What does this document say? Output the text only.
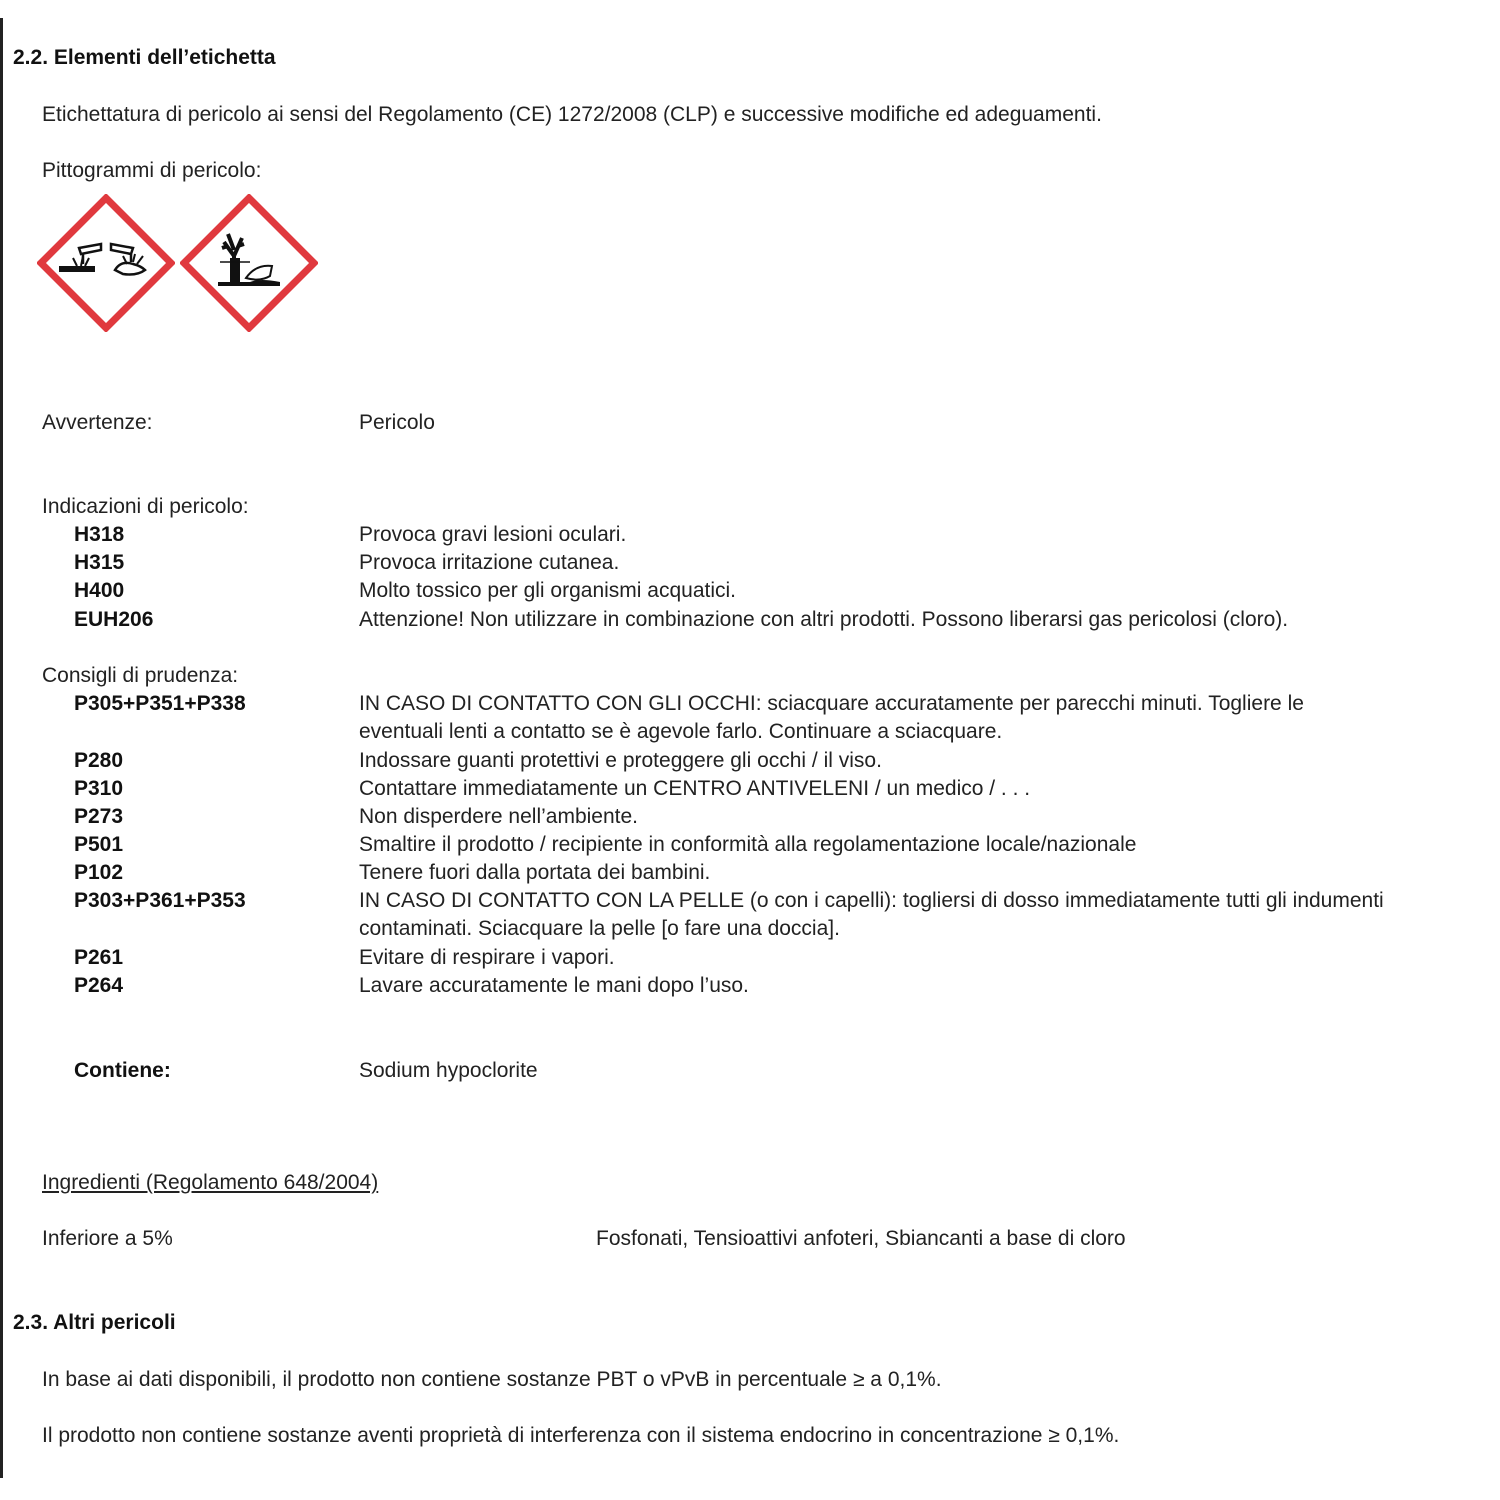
2.2. Elementi dell’etichetta
Etichettatura di pericolo ai sensi del Regolamento (CE) 1272/2008 (CLP) e successive modifiche ed adeguamenti.
Pittogrammi di pericolo:
Avvertenze:	Pericolo
Indicazioni di pericolo:
H318	Provoca gravi lesioni oculari.
H315	Provoca irritazione cutanea.
H400	Molto tossico per gli organismi acquatici.
EUH206	Attenzione! Non utilizzare in combinazione con altri prodotti. Possono liberarsi gas pericolosi (cloro).
Consigli di prudenza:
P305+P351+P338	IN CASO DI CONTATTO CON GLI OCCHI: sciacquare accuratamente per parecchi minuti. Togliere le
eventuali lenti a contatto se è agevole farlo. Continuare a sciacquare.
P280	Indossare guanti protettivi e proteggere gli occhi / il viso.
P310	Contattare immediatamente un CENTRO ANTIVELENI / un medico / . . .
P273	Non disperdere nell’ambiente.
P501	Smaltire il prodotto / recipiente in conformità alla regolamentazione locale/nazionale
P102	Tenere fuori dalla portata dei bambini.
P303+P361+P353	IN CASO DI CONTATTO CON LA PELLE (o con i capelli): togliersi di dosso immediatamente tutti gli indumenti
contaminati. Sciacquare la pelle [o fare una doccia].
P261	Evitare di respirare i vapori.
P264	Lavare accuratamente le mani dopo l’uso.
Contiene:	Sodium hypoclorite
Ingredienti (Regolamento 648/2004)
Inferiore a 5%	Fosfonati, Tensioattivi anfoteri, Sbiancanti a base di cloro
2.3. Altri pericoli
In base ai dati disponibili, il prodotto non contiene sostanze PBT o vPvB in percentuale ≥ a 0,1%.
Il prodotto non contiene sostanze aventi proprietà di interferenza con il sistema endocrino in concentrazione ≥ 0,1%.
